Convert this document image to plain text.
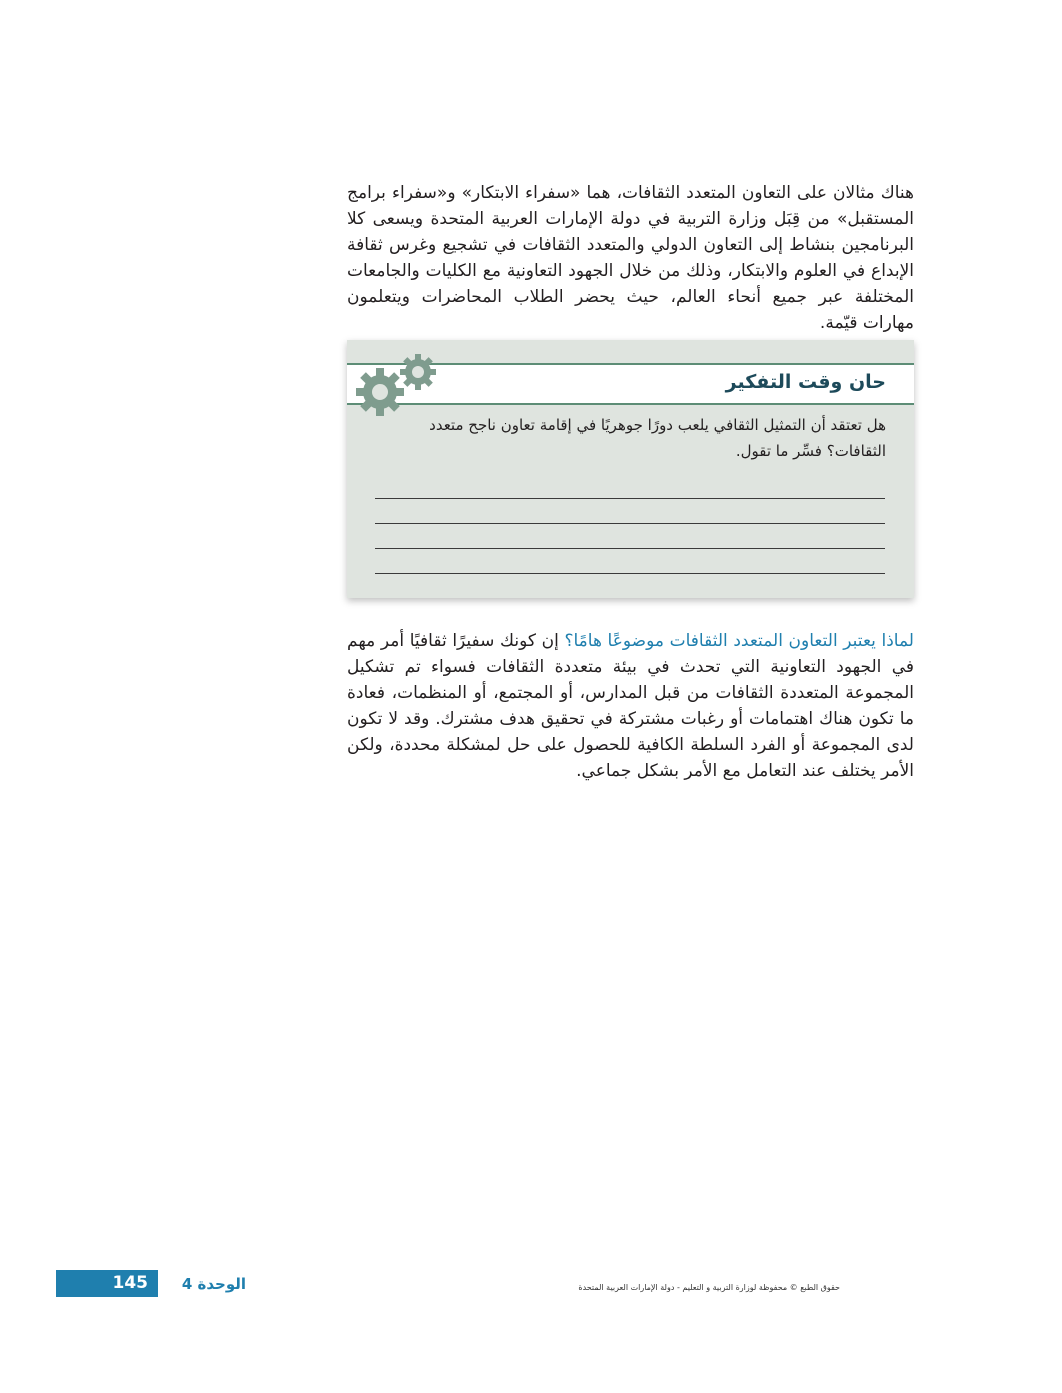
هناك مثالان على التعاون المتعدد الثقافات، هما «سفراء الابتكار» و«سفراء برامج المستقبل» من قِبَل وزارة التربية في دولة الإمارات العربية المتحدة ويسعى كلا البرنامجين بنشاط إلى التعاون الدولي والمتعدد الثقافات في تشجيع وغرس ثقافة الإبداع في العلوم والابتكار، وذلك من خلال الجهود التعاونية مع الكليات والجامعات المختلفة عبر جميع أنحاء العالم، حيث يحضر الطلاب المحاضرات ويتعلمون مهارات قيّمة.

حان وقت التفكير

هل تعتقد أن التمثيل الثقافي يلعب دورًا جوهريًا في إقامة تعاون ناجح متعدد الثقافات؟ فسِّر ما تقول.

لماذا يعتبر التعاون المتعدد الثقافات موضوعًا هامًا؟ إن كونك سفيرًا ثقافيًا أمر مهم في الجهود التعاونية التي تحدث في بيئة متعددة الثقافات فسواء تم تشكيل المجموعة المتعددة الثقافات من قبل المدارس، أو المجتمع، أو المنظمات، فعادة ما تكون هناك اهتمامات أو رغبات مشتركة في تحقيق هدف مشترك. وقد لا تكون لدى المجموعة أو الفرد السلطة الكافية للحصول على حل لمشكلة محددة، ولكن الأمر يختلف عند التعامل مع الأمر بشكل جماعي.

145	الوحدة 4	حقوق الطبع © محفوظة لوزارة التربية و التعليم - دولة الإمارات العربية المتحدة
